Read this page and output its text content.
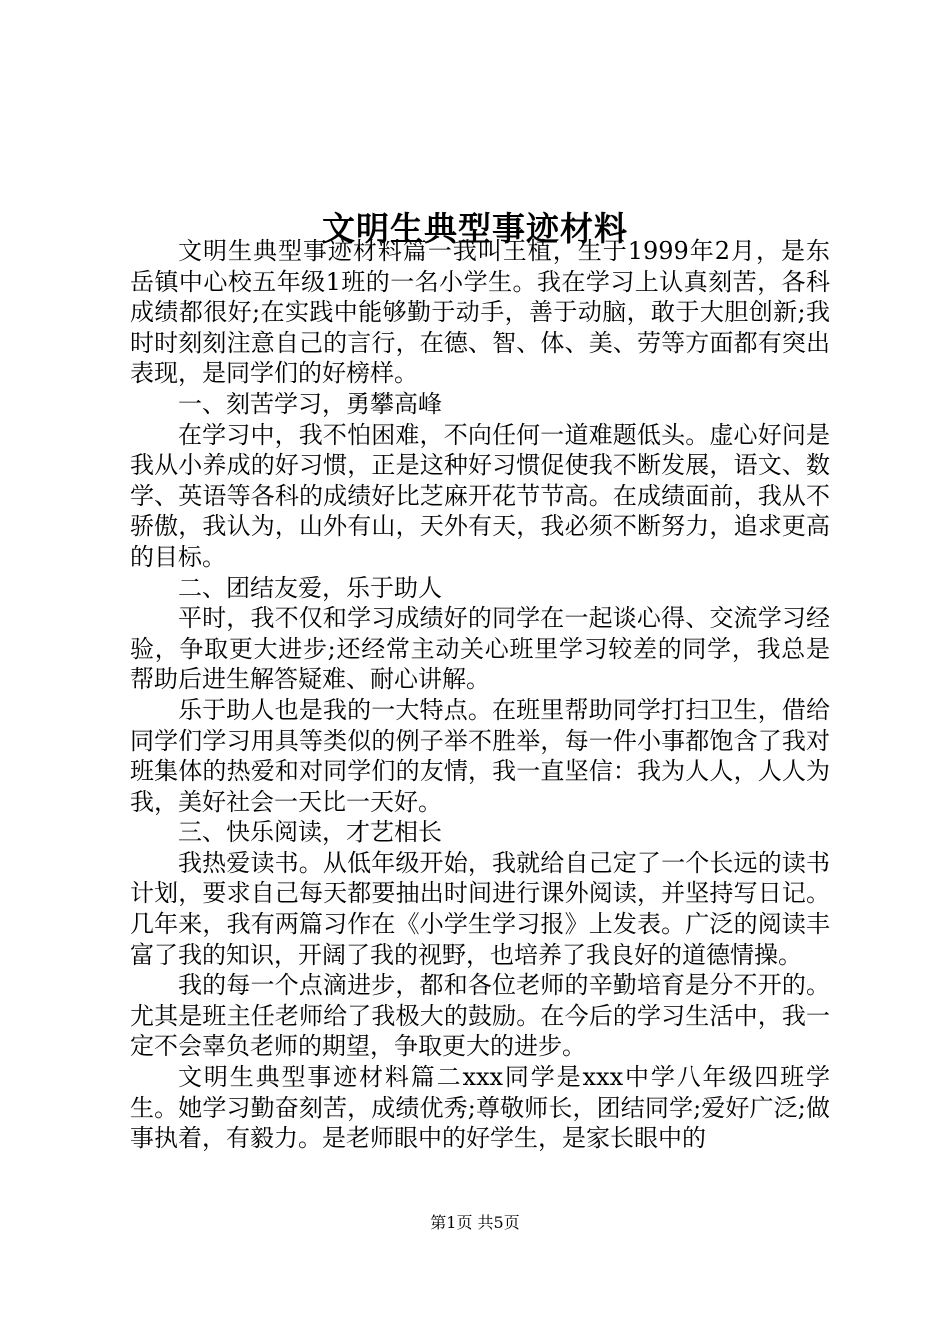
文明生典型事迹材料

文明生典型事迹材料篇一我叫王植，生于1999年2月，是东岳镇中心校五年级1班的一名小学生。我在学习上认真刻苦，各科成绩都很好;在实践中能够勤于动手，善于动脑，敢于大胆创新;我时时刻刻注意自己的言行，在德、智、体、美、劳等方面都有突出表现，是同学们的好榜样。

一、刻苦学习，勇攀高峰

在学习中，我不怕困难，不向任何一道难题低头。虚心好问是我从小养成的好习惯，正是这种好习惯促使我不断发展，语文、数学、英语等各科的成绩好比芝麻开花节节高。在成绩面前，我从不骄傲，我认为，山外有山，天外有天，我必须不断努力，追求更高的目标。

二、团结友爱，乐于助人

平时，我不仅和学习成绩好的同学在一起谈心得、交流学习经验，争取更大进步;还经常主动关心班里学习较差的同学，我总是帮助后进生解答疑难、耐心讲解。

乐于助人也是我的一大特点。在班里帮助同学打扫卫生，借给同学们学习用具等类似的例子举不胜举，每一件小事都饱含了我对班集体的热爱和对同学们的友情，我一直坚信：我为人人，人人为我，美好社会一天比一天好。

三、快乐阅读，才艺相长

我热爱读书。从低年级开始，我就给自己定了一个长远的读书计划，要求自己每天都要抽出时间进行课外阅读，并坚持写日记。几年来，我有两篇习作在《小学生学习报》上发表。广泛的阅读丰富了我的知识，开阔了我的视野，也培养了我良好的道德情操。

我的每一个点滴进步，都和各位老师的辛勤培育是分不开的。尤其是班主任老师给了我极大的鼓励。在今后的学习生活中，我一定不会辜负老师的期望，争取更大的进步。

文明生典型事迹材料篇二xxx同学是xxx中学八年级四班学生。她学习勤奋刻苦，成绩优秀;尊敬师长，团结同学;爱好广泛;做事执着，有毅力。是老师眼中的好学生，是家长眼中的

第1页 共5页
